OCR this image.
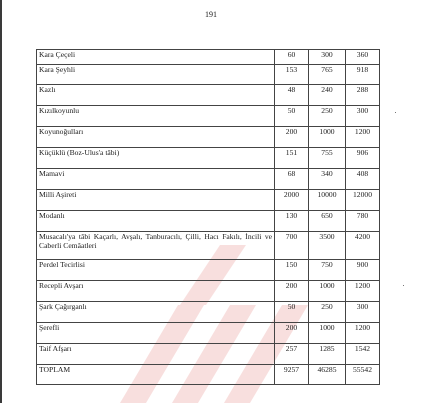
191
Kara Çeçeli	60	300	360
Kara Şeyhli	153	765	918
Kazlı	48	240	288
Kızılkoyunlu	50	250	300
Koyunoğulları	200	1000	1200
Küçüklü (Boz-Ulus'a tâbi)	151	755	906
Mamavi	68	340	408
Milli Aşireti	2000	10000	12000
Modanlı	130	650	780
Musacalı'ya tâbi Kaçarlı, Avşalı, Tanburacılı, Çilli, Hacı Fakılı, İncili ve Caberli Cemâatleri	700	3500	4200
Perdel Tecirlisi	150	750	900
Recepli Avşarı	200	1000	1200
Şark Çağırganlı	50	250	300
Şerefli	200	1000	1200
Taif Afşarı	257	1285	1542
TOPLAM	9257	46285	55542
